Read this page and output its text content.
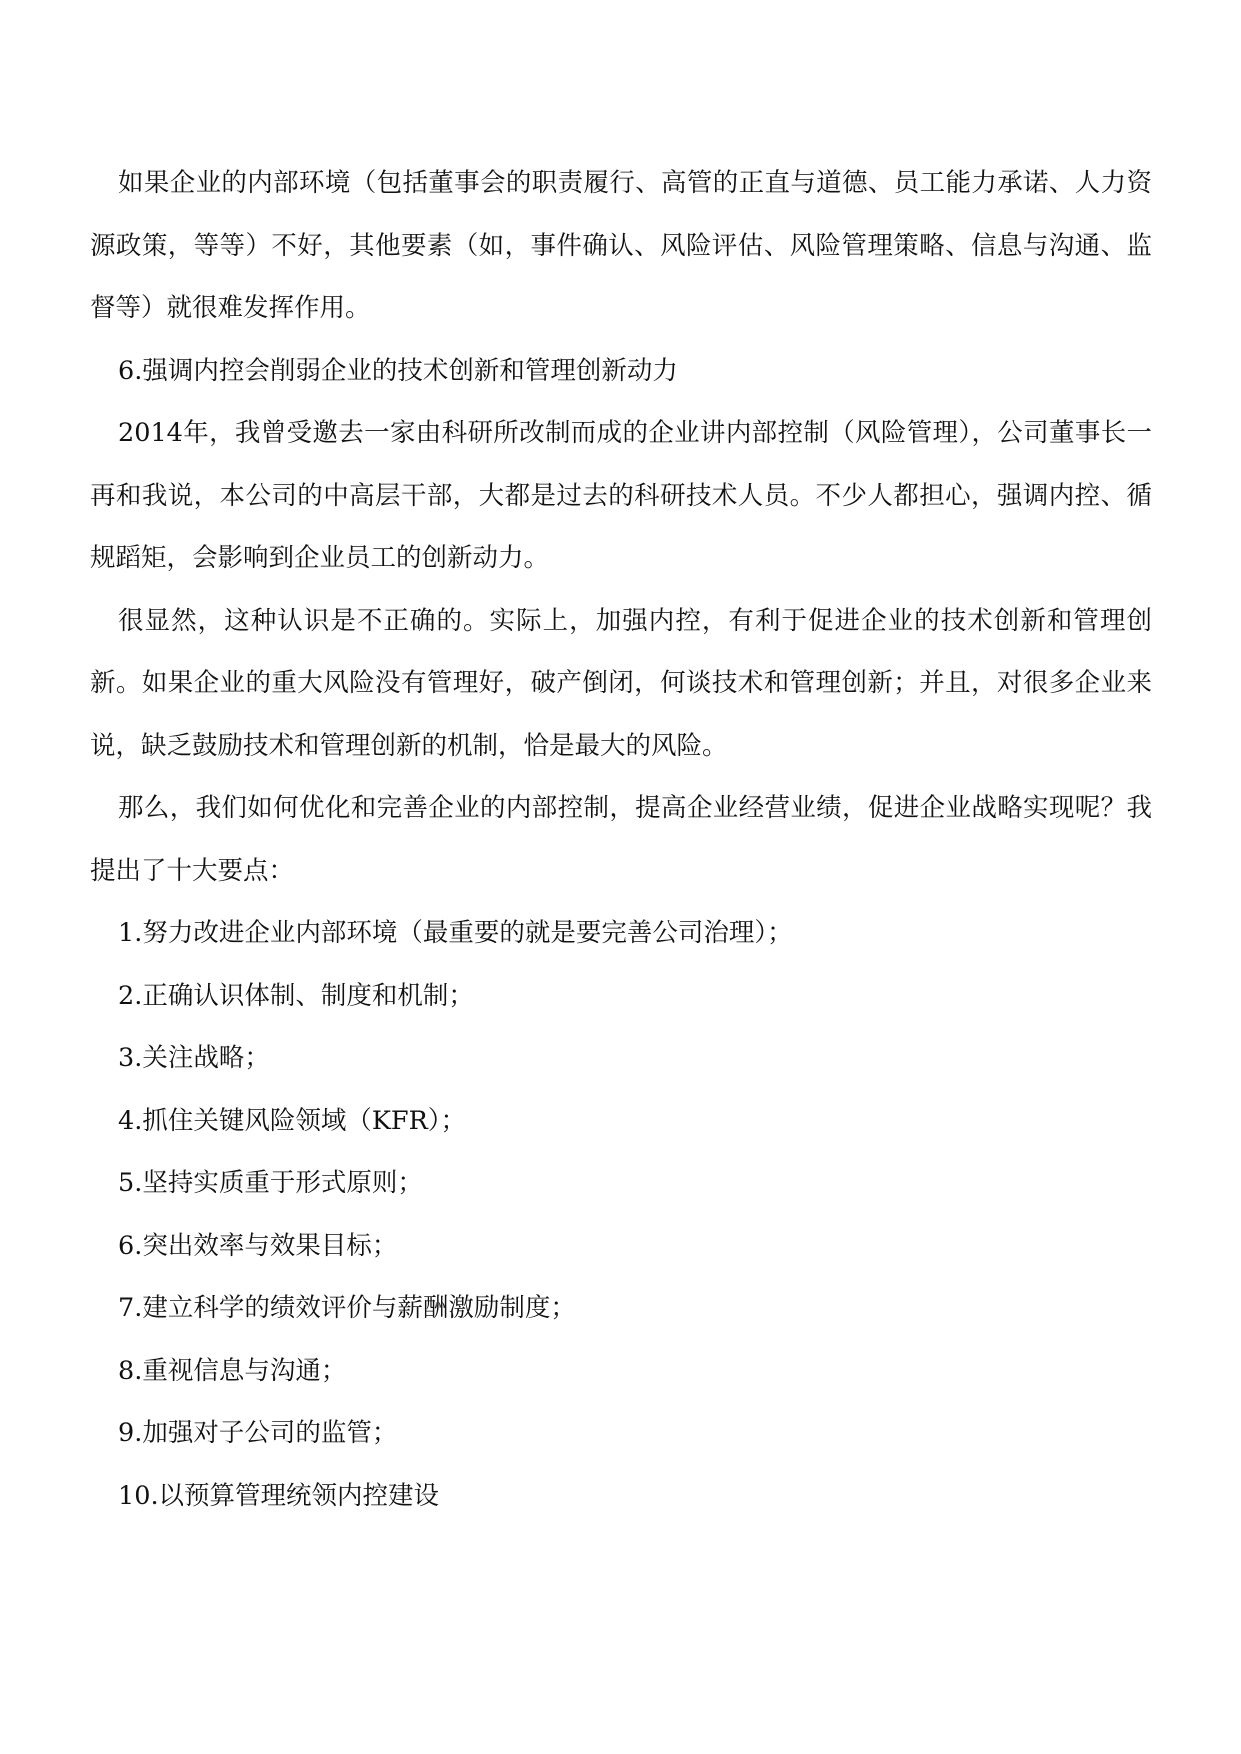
如果企业的内部环境（包括董事会的职责履行、高管的正直与道德、员工能力承诺、人力资源政策，等等）不好，其他要素（如，事件确认、风险评估、风险管理策略、信息与沟通、监督等）就很难发挥作用。

6.强调内控会削弱企业的技术创新和管理创新动力

2014年，我曾受邀去一家由科研所改制而成的企业讲内部控制（风险管理），公司董事长一再和我说，本公司的中高层干部，大都是过去的科研技术人员。不少人都担心，强调内控、循规蹈矩，会影响到企业员工的创新动力。

很显然，这种认识是不正确的。实际上，加强内控，有利于促进企业的技术创新和管理创新。如果企业的重大风险没有管理好，破产倒闭，何谈技术和管理创新；并且，对很多企业来说，缺乏鼓励技术和管理创新的机制，恰是最大的风险。

那么，我们如何优化和完善企业的内部控制，提高企业经营业绩，促进企业战略实现呢？我提出了十大要点：

1.努力改进企业内部环境（最重要的就是要完善公司治理）；

2.正确认识体制、制度和机制；

3.关注战略；

4.抓住关键风险领域（KFR）；

5.坚持实质重于形式原则；

6.突出效率与效果目标；

7.建立科学的绩效评价与薪酬激励制度；

8.重视信息与沟通；

9.加强对子公司的监管；

10.以预算管理统领内控建设
